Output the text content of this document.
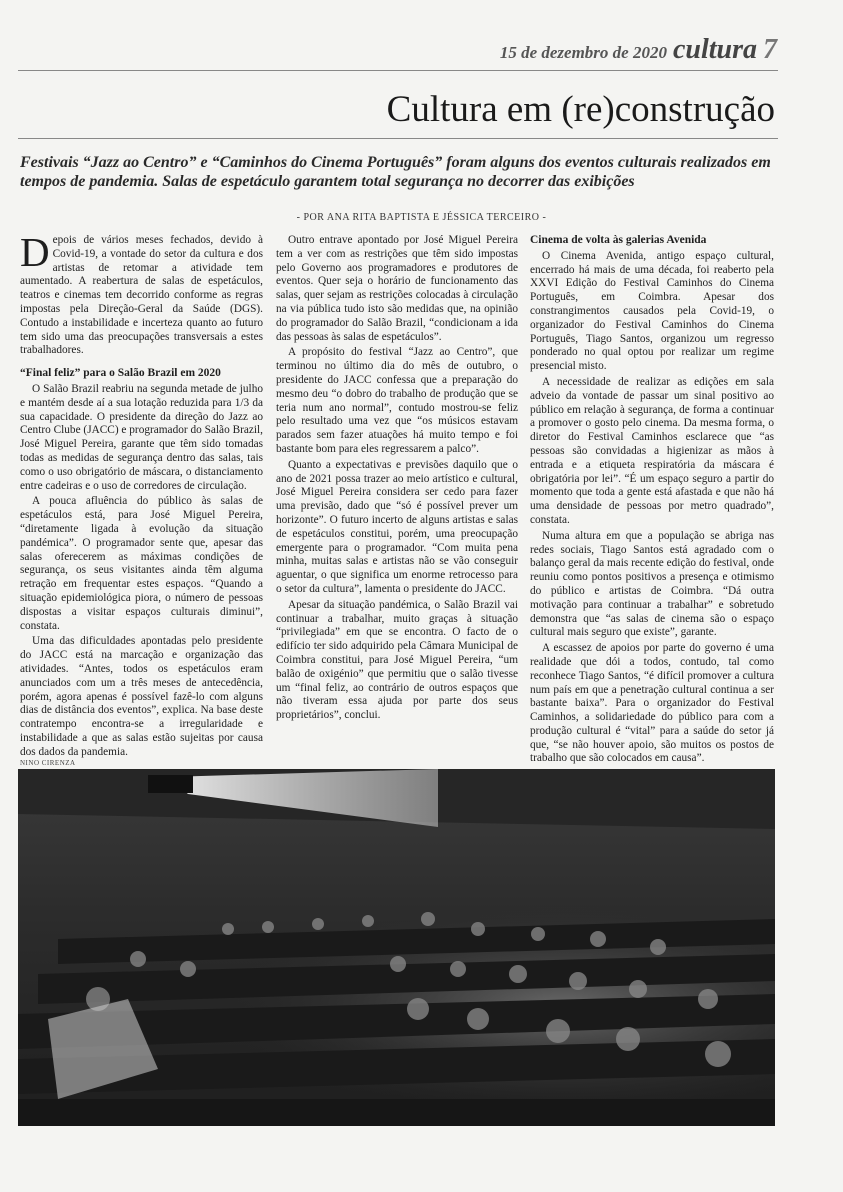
15 de dezembro de 2020 cultura 7
Cultura em (re)construção
Festivais “Jazz ao Centro” e “Caminhos do Cinema Português” foram alguns dos eventos culturais realizados em tempos de pandemia. Salas de espetáculo garantem total segurança no decorrer das exibições
- POR ANA RITA BAPTISTA E JÉSSICA TERCEIRO -

Depois de vários meses fechados, devido à Covid-19, a vontade do setor da cultura e dos artistas de retomar a atividade tem aumentado. A reabertura de salas de espetáculos, teatros e cinemas tem decorrido conforme as regras impostas pela Direção-Geral da Saúde (DGS). Contudo a instabilidade e incerteza quanto ao futuro tem sido uma das preocupações transversais a estes trabalhadores.

“Final feliz” para o Salão Brazil em 2020

O Salão Brazil reabriu na segunda metade de julho e mantém desde aí a sua lotação reduzida para 1/3 da sua capacidade. O presidente da direção do Jazz ao Centro Clube (JACC) e programador do Salão Brazil, José Miguel Pereira, garante que têm sido tomadas todas as medidas de segurança dentro das salas, tais como o uso obrigatório de máscara, o distanciamento entre cadeiras e o uso de corredores de circulação.

A pouca afluência do público às salas de espetáculos está, para José Miguel Pereira, “diretamente ligada à evolução da situação pandémica”. O programador sente que, apesar das salas oferecerem as máximas condições de segurança, os seus visitantes ainda têm alguma retração em frequentar estes espaços. “Quando a situação epidemiológica piora, o número de pessoas dispostas a visitar espaços culturais diminui”, constata.

Uma das dificuldades apontadas pelo presidente do JACC está na marcação e organização das atividades. “Antes, todos os espetáculos eram anunciados com um a três meses de antecedência, porém, agora apenas é possível fazê-lo com alguns dias de distância dos eventos”, explica. Na base deste contratempo encontra-se a irregularidade e instabilidade a que as salas estão sujeitas por causa dos dados da pandemia.

Outro entrave apontado por José Miguel Pereira tem a ver com as restrições que têm sido impostas pelo Governo aos programadores e produtores de eventos. Quer seja o horário de funcionamento das salas, quer sejam as restrições colocadas à circulação na via pública tudo isto são medidas que, na opinião do programador do Salão Brazil, “condicionam a ida das pessoas às salas de espetáculos”.

A propósito do festival “Jazz ao Centro”, que terminou no último dia do mês de outubro, o presidente do JACC confessa que a preparação do mesmo deu “o dobro do trabalho de produção que se teria num ano normal”, contudo mostrou-se feliz pelo resultado uma vez que “os músicos estavam parados sem fazer atuações há muito tempo e foi bastante bom para eles regressarem a palco”.

Quanto a expectativas e previsões daquilo que o ano de 2021 possa trazer ao meio artístico e cultural, José Miguel Pereira considera ser cedo para fazer uma previsão, dado que “só é possível prever um horizonte”. O futuro incerto de alguns artistas e salas de espetáculos constitui, porém, uma preocupação emergente para o programador. “Com muita pena minha, muitas salas e artistas não se vão conseguir aguentar, o que significa um enorme retrocesso para o setor da cultura”, lamenta o presidente do JACC.

Apesar da situação pandémica, o Salão Brazil vai continuar a trabalhar, muito graças à situação “privilegiada” em que se encontra. O facto de o edifício ter sido adquirido pela Câmara Municipal de Coimbra constitui, para José Miguel Pereira, “um balão de oxigénio” que permitiu que o salão tivesse um “final feliz, ao contrário de outros espaços que não tiveram essa ajuda por parte dos seus proprietários”, conclui.

Cinema de volta às galerias Avenida

O Cinema Avenida, antigo espaço cultural, encerrado há mais de uma década, foi reaberto pela XXVI Edição do Festival Caminhos do Cinema Português, em Coimbra. Apesar dos constrangimentos causados pela Covid-19, o organizador do Festival Caminhos do Cinema Português, Tiago Santos, organizou um regresso ponderado no qual optou por realizar um regime presencial misto.

A necessidade de realizar as edições em sala adveio da vontade de passar um sinal positivo ao público em relação à segurança, de forma a continuar a promover o gosto pelo cinema. Da mesma forma, o diretor do Festival Caminhos esclarece que “as pessoas são convidadas a higienizar as mãos à entrada e a etiqueta respiratória da máscara é obrigatória por lei”. “É um espaço seguro a partir do momento que toda a gente está afastada e que não há uma densidade de pessoas por metro quadrado”, constata.

Numa altura em que a população se abriga nas redes sociais, Tiago Santos está agradado com o balanço geral da mais recente edição do festival, onde reuniu como pontos positivos a presença e otimismo do público e artistas de Coimbra. “Dá outra motivação para continuar a trabalhar” e sobretudo demonstra que “as salas de cinema são o espaço cultural mais seguro que existe”, garante.

A escassez de apoios por parte do governo é uma realidade que dói a todos, contudo, tal como reconhece Tiago Santos, “é difícil promover a cultura num país em que a penetração cultural continua a ser bastante baixa”. Para o organizador do Festival Caminhos, a solidariedade do público para com a produção cultural é “vital” para a saúde do setor já que, “se não houver apoio, são muitos os postos de trabalho que são colocados em causa”.

NINO CIRENZA
